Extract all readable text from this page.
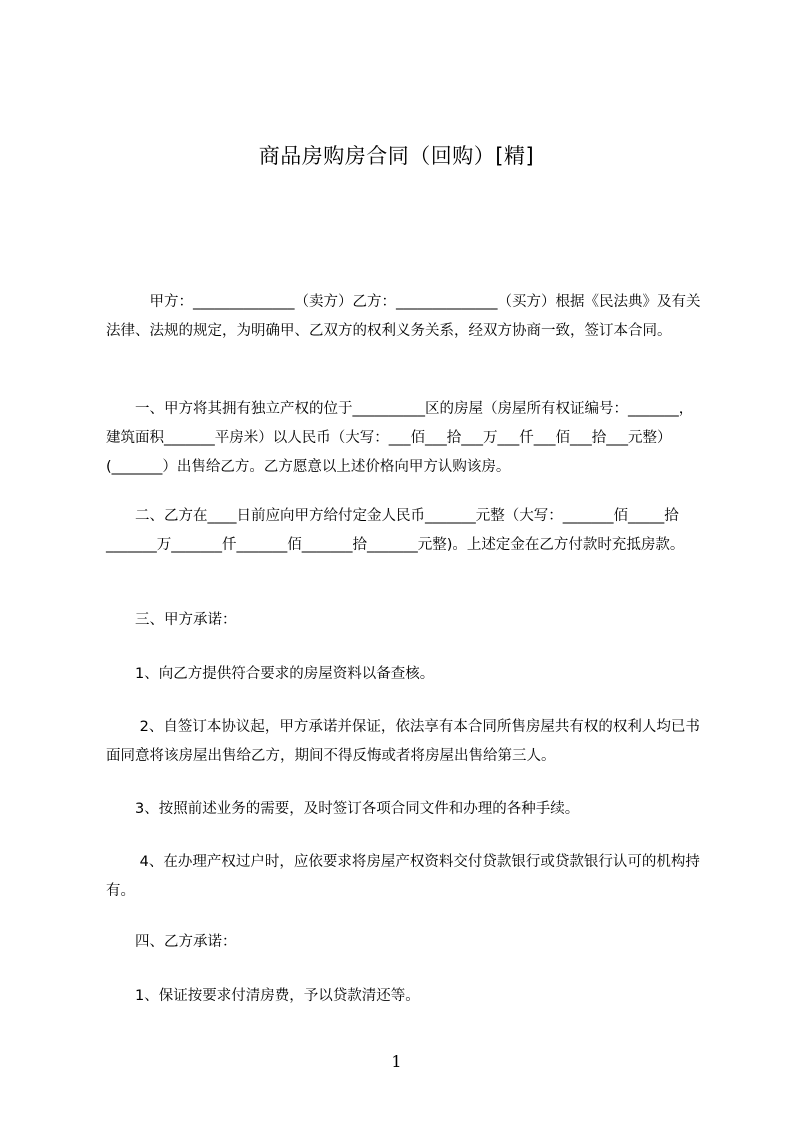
商品房购房合同（回购）[精]

　　　甲方：______________（卖方）乙方：______________（买方）根据《民法典》及有关法律、法规的规定，为明确甲、乙双方的权利义务关系，经双方协商一致，签订本合同。

　　一、甲方将其拥有独立产权的位于__________区的房屋（房屋所有权证编号：_______，建筑面积_______平房米）以人民币（大写：___佰___拾___万___仟___佰___拾___元整）(_______）出售给乙方。乙方愿意以上述价格向甲方认购该房。

　　二、乙方在____日前应向甲方给付定金人民币_______元整（大写：_______佰_____拾_______万_______仟_______佰_______拾_______元整)。上述定金在乙方付款时充抵房款。

　　三、甲方承诺：

　　1、向乙方提供符合要求的房屋资料以备查核。

　　 2、自签订本协议起，甲方承诺并保证，依法享有本合同所售房屋共有权的权利人均已书面同意将该房屋出售给乙方，期间不得反悔或者将房屋出售给第三人。

　　3、按照前述业务的需要，及时签订各项合同文件和办理的各种手续。

　　 4、在办理产权过户时，应依要求将房屋产权资料交付贷款银行或贷款银行认可的机构持有。

　　四、乙方承诺：

　　1、保证按要求付清房费，予以贷款清还等。

1
